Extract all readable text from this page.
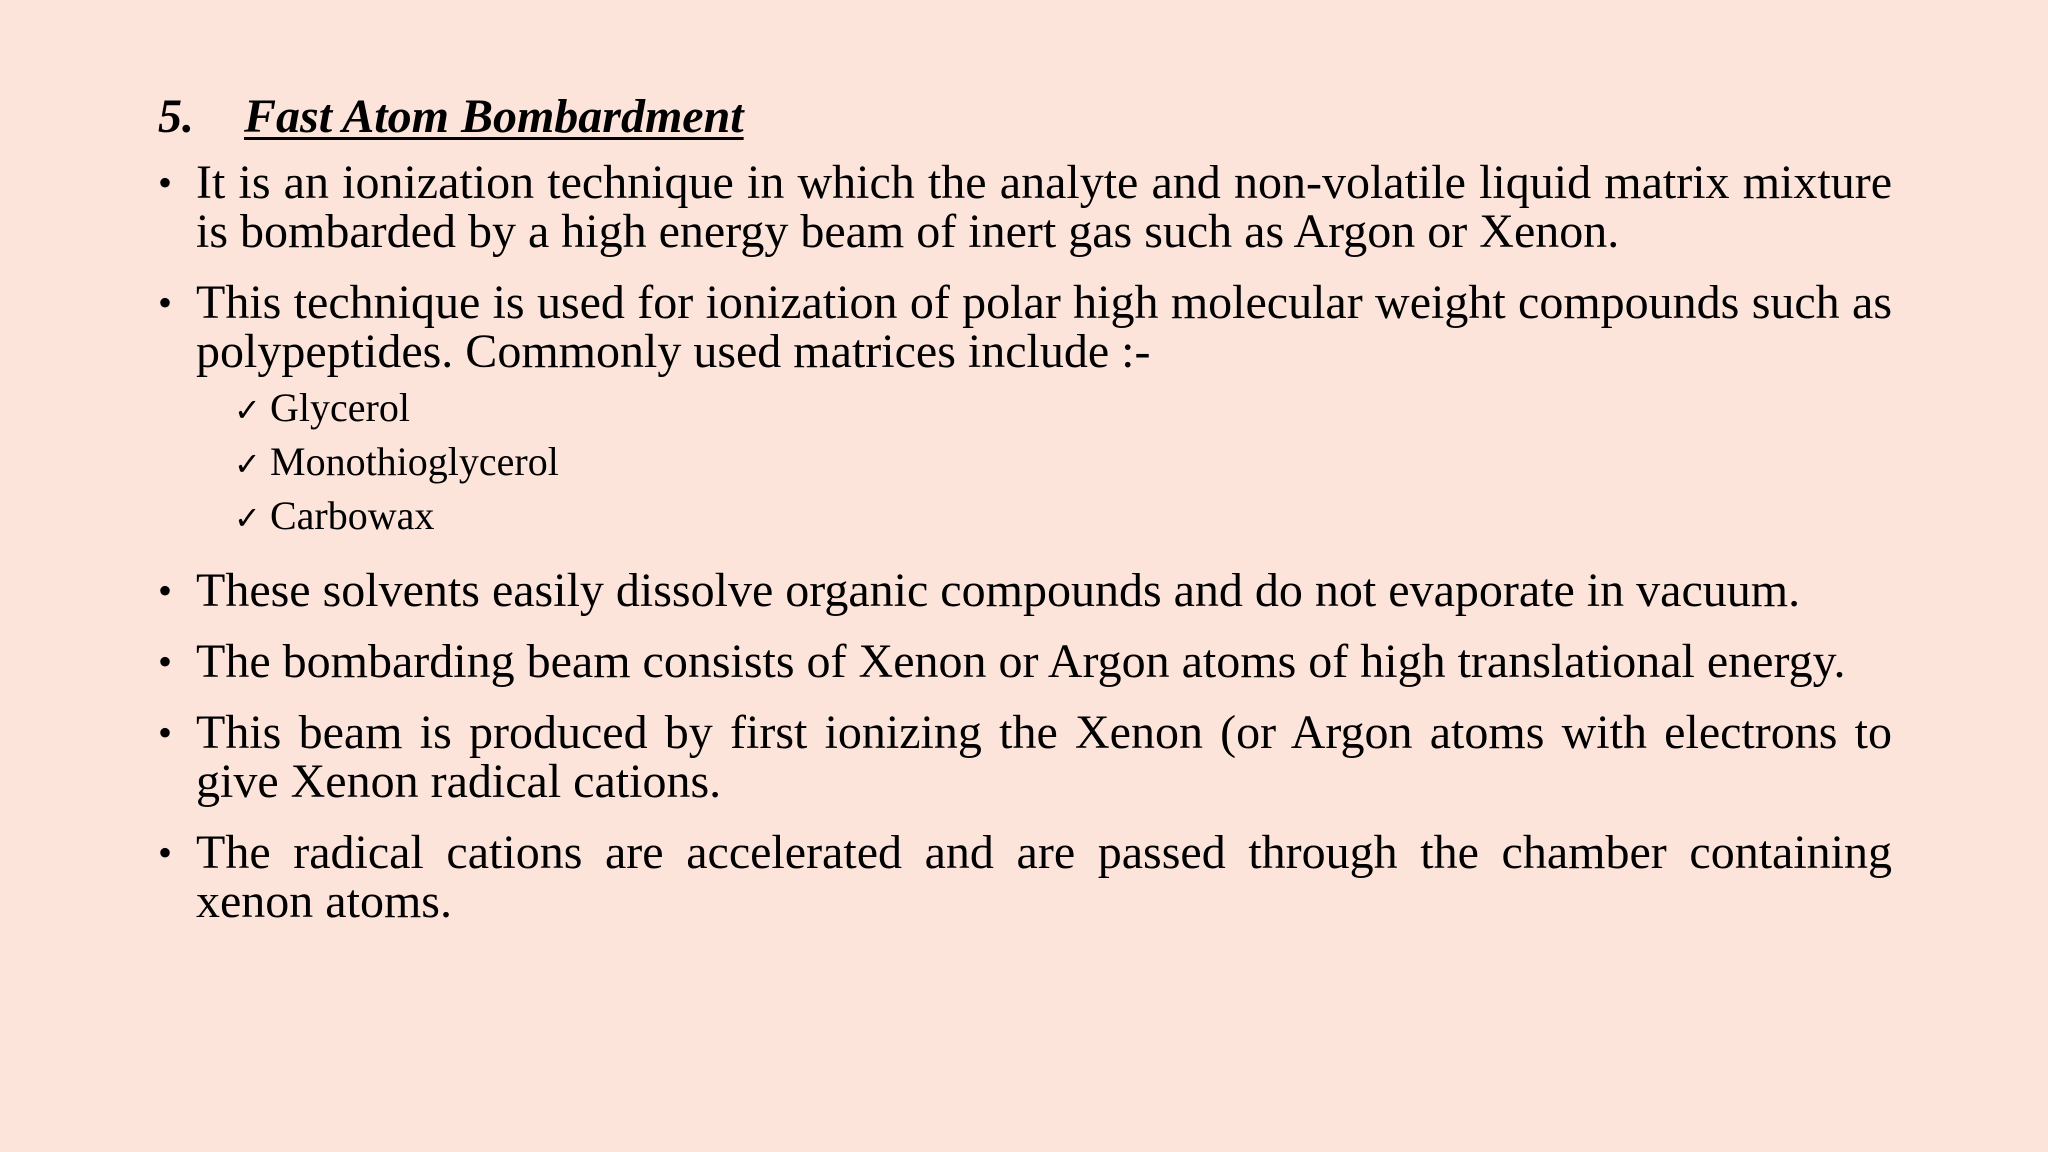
5. Fast Atom Bombardment
• It is an ionization technique in which the analyte and non-volatile liquid matrix mixture is bombarded by a high energy beam of inert gas such as Argon or Xenon.
• This technique is used for ionization of polar high molecular weight compounds such as polypeptides. Commonly used matrices include :-
✓ Glycerol
✓ Monothioglycerol
✓ Carbowax
• These solvents easily dissolve organic compounds and do not evaporate in vacuum.
• The bombarding beam consists of Xenon or Argon atoms of high translational energy.
• This beam is produced by first ionizing the Xenon (or Argon atoms with electrons to give Xenon radical cations.
• The radical cations are accelerated and are passed through the chamber containing xenon atoms.
